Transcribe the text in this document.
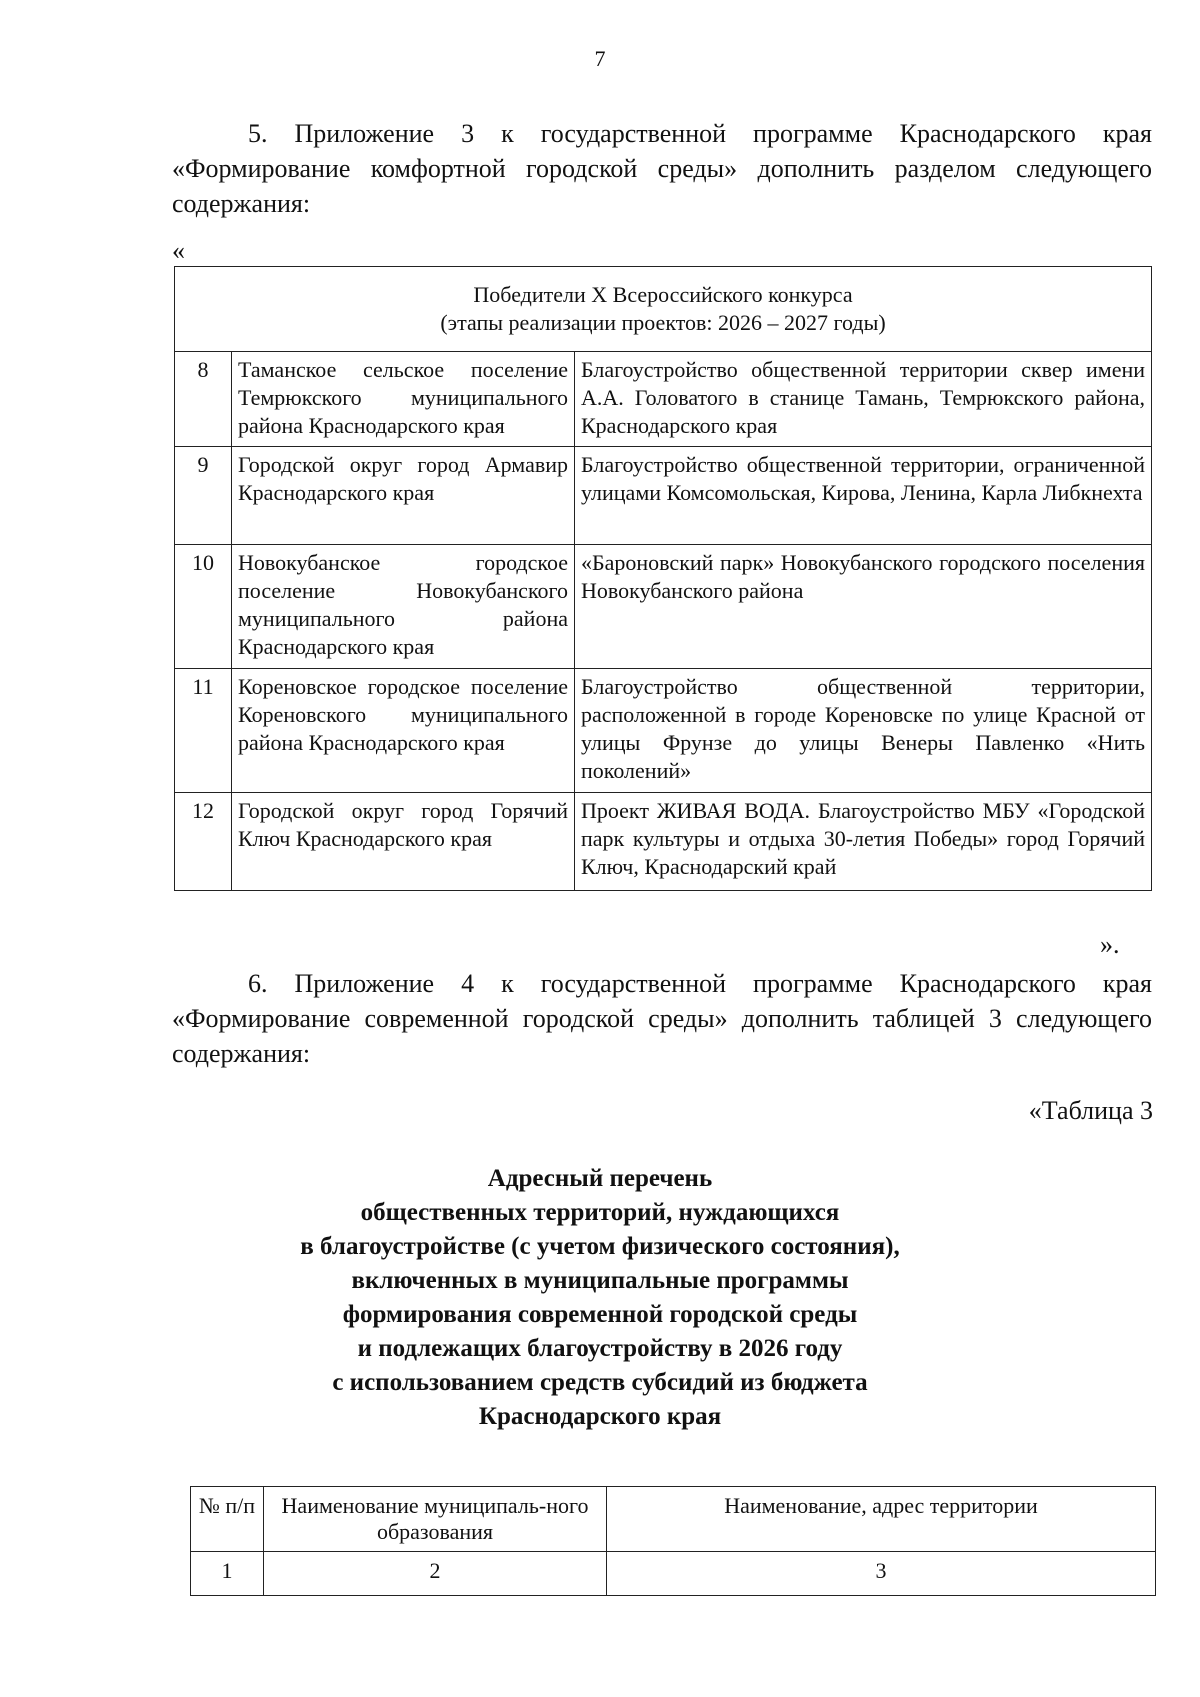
7
5. Приложение 3 к государственной программе Краснодарского края «Формирование комфортной городской среды» дополнить разделом следующего содержания:
«
Победители X Всероссийского конкурса
(этапы реализации проектов: 2026 – 2027 годы)		

8	Таманское сельское поселение Темрюкского муниципального района Краснодарского края	Благоустройство общественной территории сквер имени А.А. Головатого в станице Тамань, Темрюкского района, Краснодарского края
9	Городской округ город Армавир Краснодарского края	Благоустройство общественной территории, ограниченной улицами Комсомольская, Кирова, Ленина, Карла Либкнехта
10	Новокубанское городское поселение Новокубанского муниципального района Краснодарского края	«Бароновский парк» Новокубанского городского поселения Новокубанского района
11	Кореновское городское поселение Кореновского муниципального района Краснодарского края	Благоустройство общественной территории, расположенной в городе Кореновске по улице Красной от улицы Фрунзе до улицы Венеры Павленко «Нить поколений»
12	Городской округ город Горячий Ключ Краснодарского края	Проект ЖИВАЯ ВОДА. Благоустройство МБУ «Городской парк культуры и отдыха 30-летия Победы» город Горячий Ключ, Краснодарский край
».
6. Приложение 4 к государственной программе Краснодарского края «Формирование современной городской среды» дополнить таблицей 3 следующего содержания:
«Таблица 3
Адресный перечень
общественных территорий, нуждающихся
в благоустройстве (с учетом физического состояния),
включенных в муниципальные программы
формирования современной городской среды
и подлежащих благоустройству в 2026 году
с использованием средств субсидий из бюджета
Краснодарского края
№ п/п	Наименование муниципаль-ного образования	Наименование, адрес территории
1	2	3
